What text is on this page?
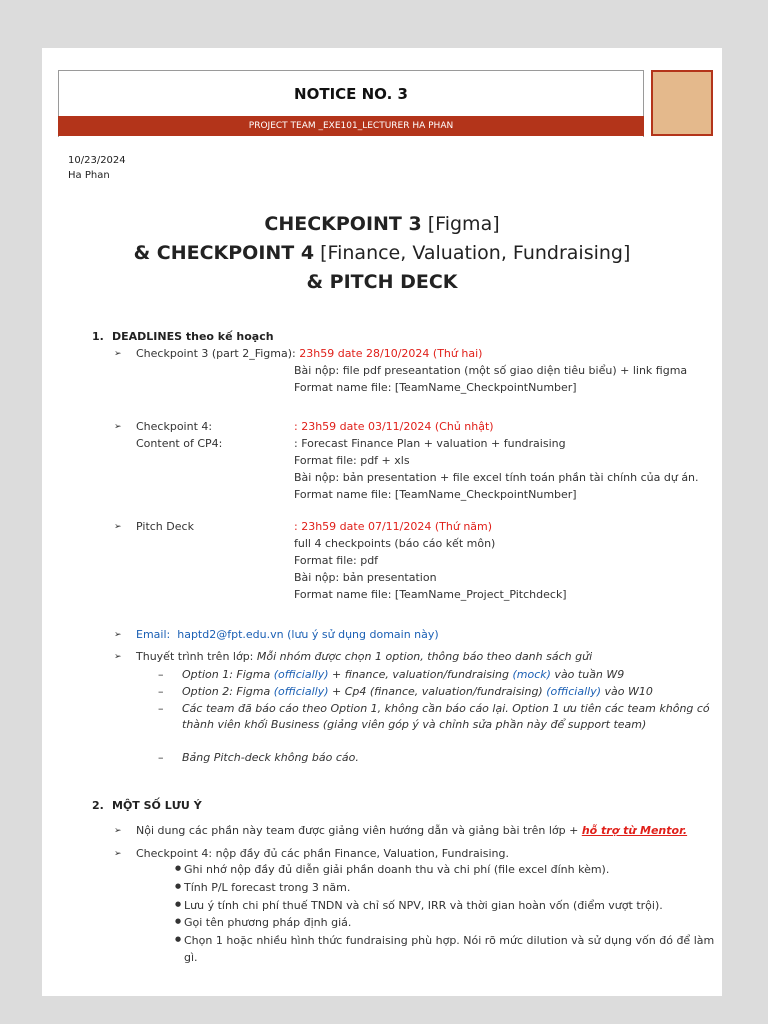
NOTICE NO. 3
PROJECT TEAM _EXE101_LECTURER HA PHAN
10/23/2024
Ha Phan
CHECKPOINT 3 [Figma]
& CHECKPOINT 4 [Finance, Valuation, Fundraising]
& PITCH DECK
1. DEADLINES theo kế hoạch
➢ Checkpoint 3 (part 2_Figma): 23h59 date 28/10/2024 (Thứ hai)
Bài nộp: file pdf preseantation (một số giao diện tiêu biểu) + link figma
Format name file: [TeamName_CheckpointNumber]
➢ Checkpoint 4:	: 23h59 date 03/11/2024 (Chủ nhật)
Content of CP4:	: Forecast Finance Plan + valuation + fundraising
Format file: pdf + xls
Bài nộp: bản presentation + file excel tính toán phần tài chính của dự án.
Format name file: [TeamName_CheckpointNumber]
➢ Pitch Deck	: 23h59 date 07/11/2024 (Thứ năm)
full 4 checkpoints (báo cáo kết môn)
Format file: pdf
Bài nộp: bản presentation
Format name file: [TeamName_Project_Pitchdeck]
➢ Email: haptd2@fpt.edu.vn (lưu ý sử dụng domain này)
➢ Thuyết trình trên lớp: Mỗi nhóm được chọn 1 option, thông báo theo danh sách gửi
– Option 1: Figma (officially) + finance, valuation/fundraising (mock) vào tuần W9
– Option 2: Figma (officially) + Cp4 (finance, valuation/fundraising) (officially) vào W10
– Các team đã báo cáo theo Option 1, không cần báo cáo lại. Option 1 ưu tiên các team không có
thành viên khối Business (giảng viên góp ý và chỉnh sửa phần này để support team)
– Bảng Pitch-deck không báo cáo.
2. MỘT SỐ LƯU Ý
➢ Nội dung các phần này team được giảng viên hướng dẫn và giảng bài trên lớp + hỗ trợ từ Mentor.
➢ Checkpoint 4: nộp đầy đủ các phần Finance, Valuation, Fundraising.
● Ghi nhớ nộp đầy đủ diễn giải phần doanh thu và chi phí (file excel đính kèm).
● Tính P/L forecast trong 3 năm.
● Lưu ý tính chi phí thuế TNDN và chỉ số NPV, IRR và thời gian hoàn vốn (điểm vượt trội).
● Gọi tên phương pháp định giá.
● Chọn 1 hoặc nhiều hình thức fundraising phù hợp. Nói rõ mức dilution và sử dụng vốn đó để làm
gì.
